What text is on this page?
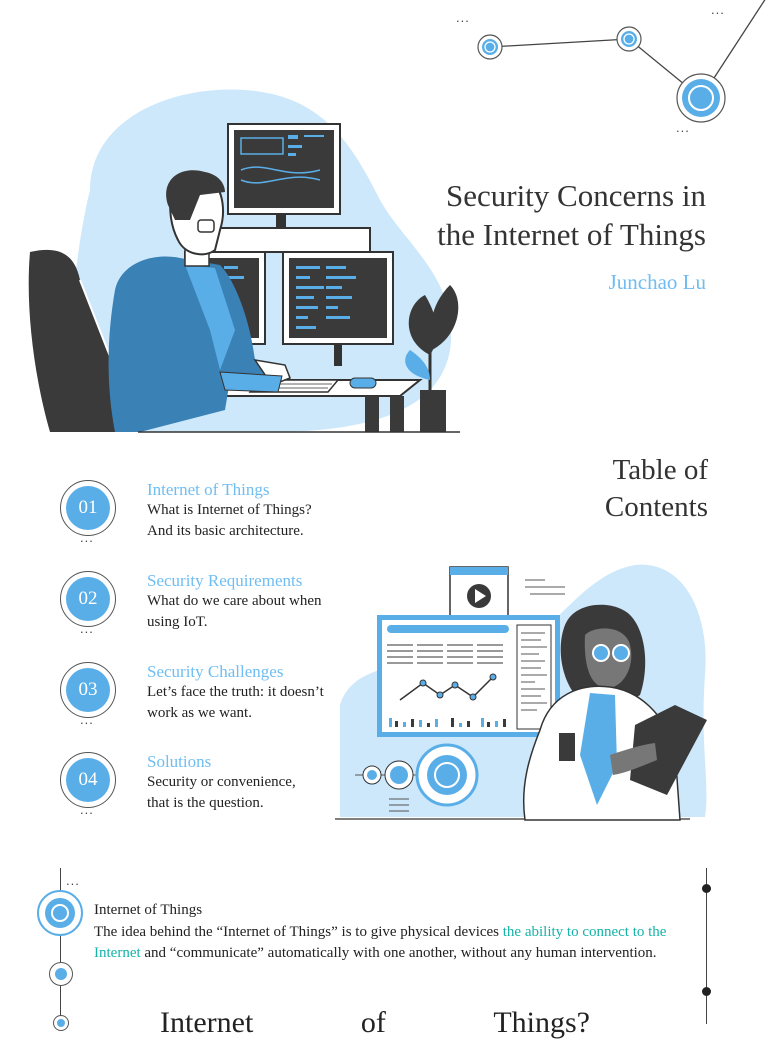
...
...
...
Security Concerns in
the Internet of Things
Junchao Lu
Table of
Contents
01
...
Internet of Things
What is Internet of Things?
And its basic architecture.
02
...
Security Requirements
What do we care about when
using IoT.
03
...
Security Challenges
Let’s face the truth: it doesn’t
work as we want.
04
...
Solutions
Security or convenience,
that is the question.
...
Internet of Things
The idea behind the “Internet of Things” is to give physical devices the ability to connect to the Internet and “communicate” automatically with one another, without any human intervention.
Internet	of	Things?
